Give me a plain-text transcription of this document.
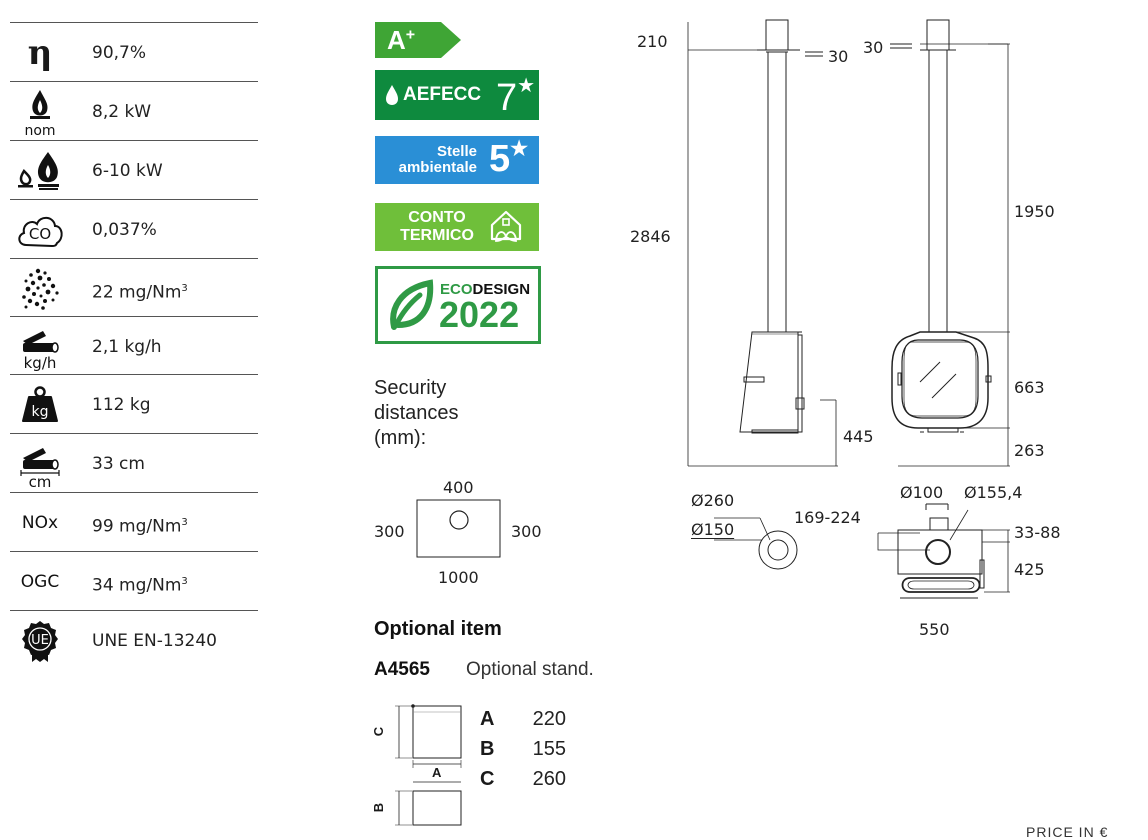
η 90,7%
nom
8,2 kW
6-10 kW
CO 0,037%
22 mg/Nm$^3$
kg/h
2,1 kg/h
kg	112 kg
cm
33 cm
NOx 99 mg/Nm$^3$
OGC 34 mg/Nm$^3$
UE	UNE EN-13240
A+
AEFECC 7★
Stelle
ambientale 5★
CONTO
TERMICO
ECODESIGN
2022
Security
distances
(mm):
400
300	300
1000
Optional item
A4565 Optional stand.
C
A
B
A 220
B 155
C 260
210
30 30
2846
1950
663
445
263
Ø260
Ø150
169-224
Ø100 Ø155,4
33-88
425
550
PRICE IN €
